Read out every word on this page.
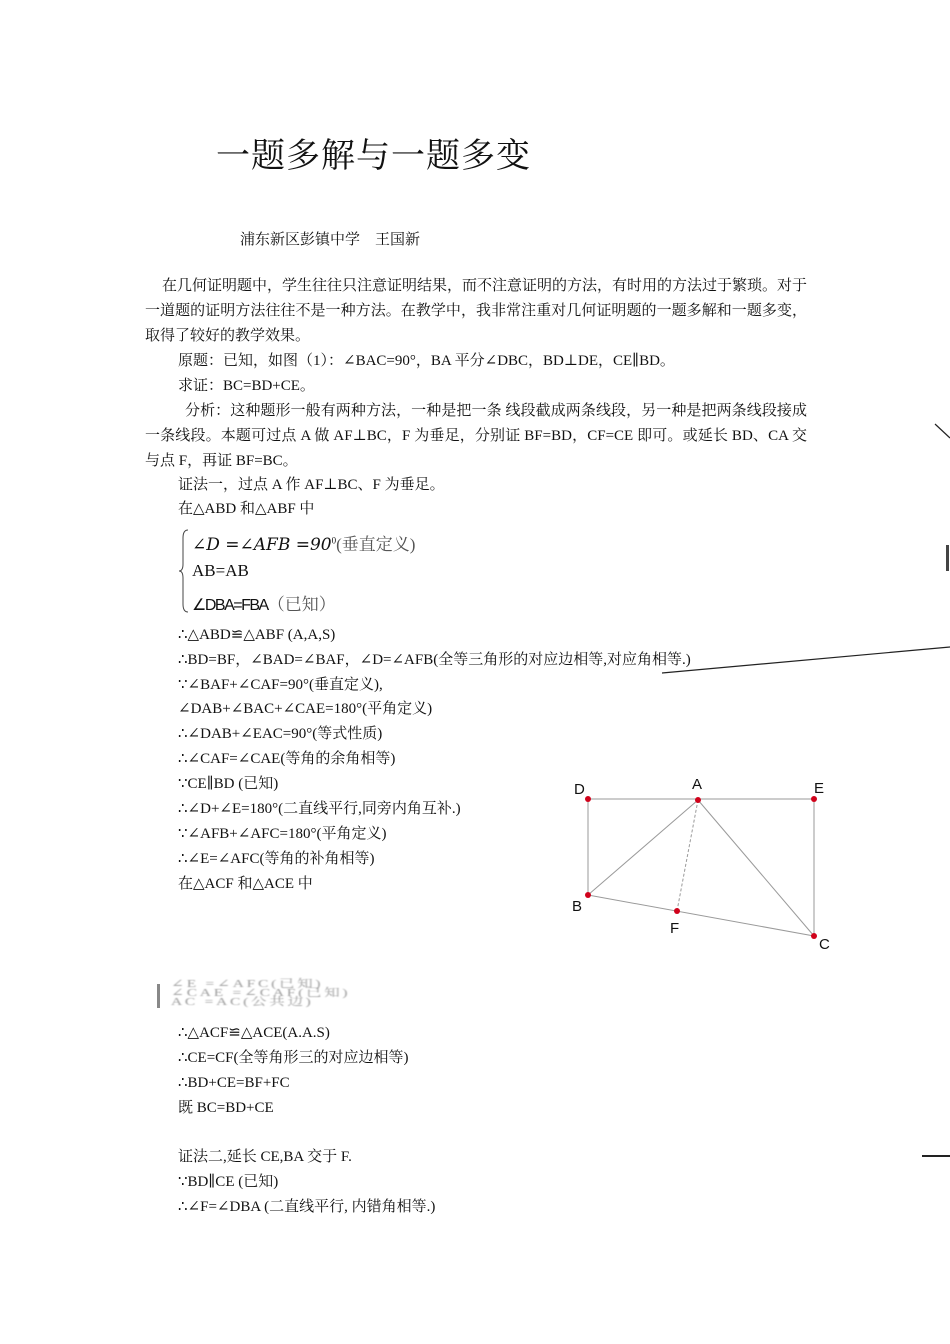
一题多解与一题多变
浦东新区彭镇中学　王国新
在几何证明题中，学生往往只注意证明结果，而不注意证明的方法，有时用的方法过于繁琐。对于一道题的证明方法往往不是一种方法。在教学中，我非常注重对几何证明题的一题多解和一题多变，取得了较好的教学效果。
原题：已知，如图（1）：∠BAC=90°，BA 平分∠DBC，BD⊥DE，CE∥BD。
求证：BC=BD+CE。
分析：这种题形一般有两种方法，一种是把一条 线段截成两条线段，另一种是把两条线段接成一条线段。本题可过点 A 做 AF⊥BC，F 为垂足，分别证 BF=BD，CF=CE 即可。或延长 BD、CA 交与点 F，再证 BF=BC。
证法一，过点 A 作 AF⊥BC、F 为垂足。
在△ABD 和△ABF 中
∠D =∠AFB $=90^0$(垂直定义)
AB=AB
∠DBA=FBA（已知）
∴△ABD≌△ABF (A,A,S)
∴BD=BF，∠BAD=∠BAF，∠D=∠AFB(全等三角形的对应边相等,对应角相等.)
∵∠BAF+∠CAF=90°(垂直定义),
∠DAB+∠BAC+∠CAE=180°(平角定义)
∴∠DAB+∠EAC=90°(等式性质)
∴∠CAF=∠CAE(等角的余角相等)
∵CE∥BD (已知)
∴∠D+∠E=180°(二直线平行,同旁内角互补.)
∵∠AFB+∠AFC=180°(平角定义)
∴∠E=∠AFC(等角的补角相等)
在△ACF 和△ACE 中
D	A	E
B
F
C
∠E =∠AFC(已知)
∠CAE =∠CAF(已知)
AC =AC(公共边)
∴△ACF≌△ACE(A.A.S)
∴CE=CF(全等角形三的对应边相等)
∴BD+CE=BF+FC
既 BC=BD+CE
证法二,延长 CE,BA 交于 F.
∵BD∥CE (已知)
∴∠F=∠DBA (二直线平行, 内错角相等.)
